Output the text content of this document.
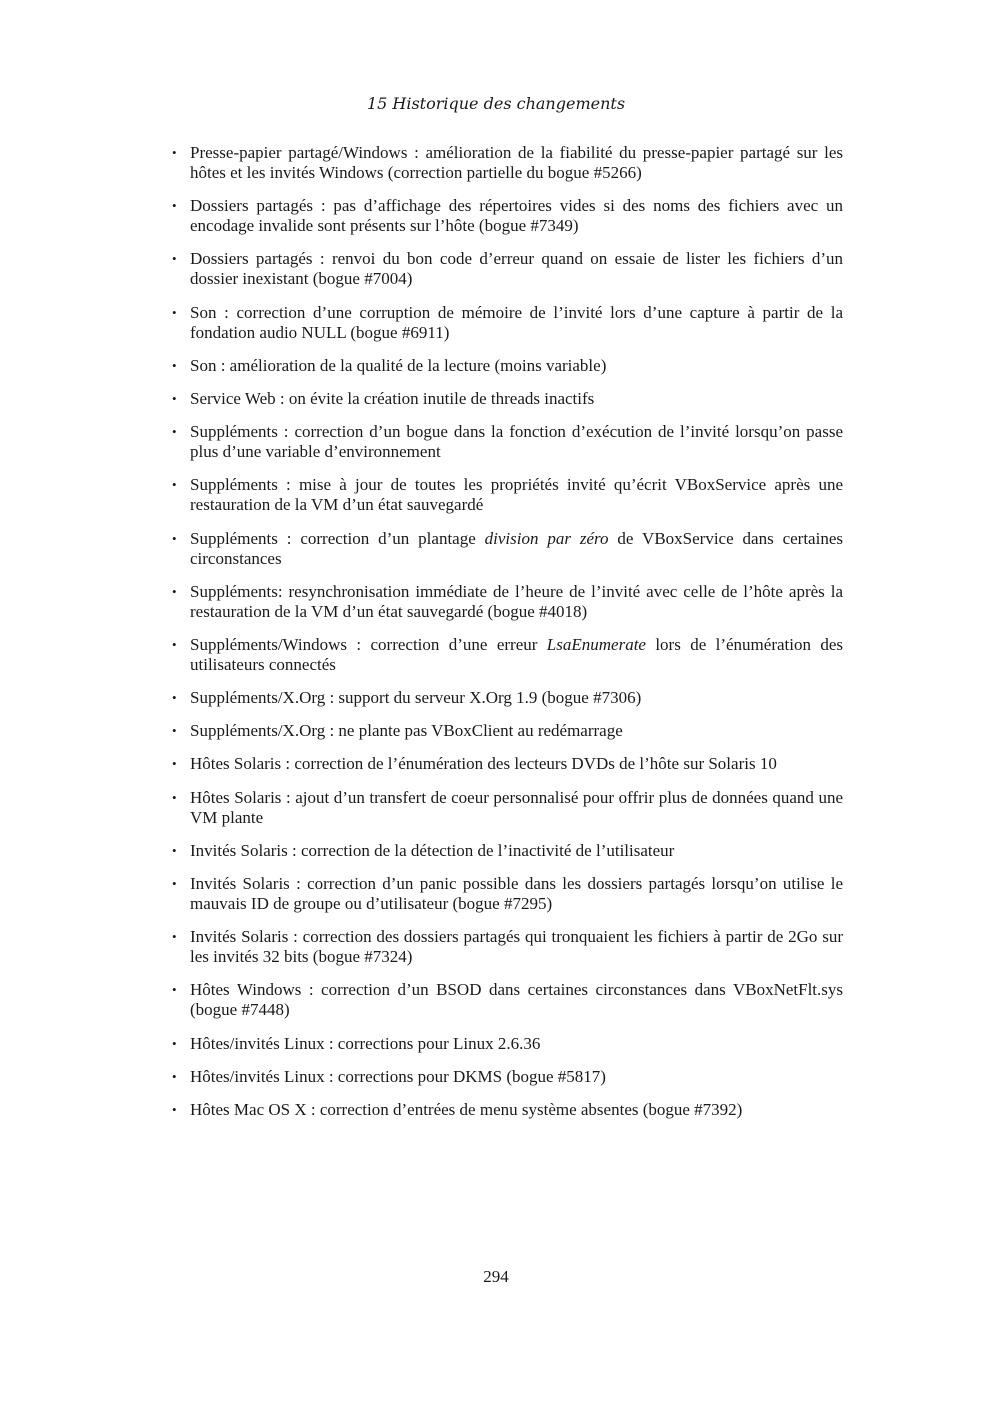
15 Historique des changements
• Presse-papier partagé/Windows : amélioration de la fiabilité du presse-papier partagé sur les hôtes et les invités Windows (correction partielle du bogue #5266)
• Dossiers partagés : pas d’affichage des répertoires vides si des noms des fichiers avec un encodage invalide sont présents sur l’hôte (bogue #7349)
• Dossiers partagés : renvoi du bon code d’erreur quand on essaie de lister les fichiers d’un dossier inexistant (bogue #7004)
• Son : correction d’une corruption de mémoire de l’invité lors d’une capture à partir de la fondation audio NULL (bogue #6911)
• Son : amélioration de la qualité de la lecture (moins variable)
• Service Web : on évite la création inutile de threads inactifs
• Suppléments : correction d’un bogue dans la fonction d’exécution de l’invité lorsqu’on passe plus d’une variable d’environnement
• Suppléments : mise à jour de toutes les propriétés invité qu’écrit VBoxService après une restauration de la VM d’un état sauvegardé
• Suppléments : correction d’un plantage division par zéro de VBoxService dans certaines circonstances
• Suppléments: resynchronisation immédiate de l’heure de l’invité avec celle de l’hôte après la restauration de la VM d’un état sauvegardé (bogue #4018)
• Suppléments/Windows : correction d’une erreur LsaEnumerate lors de l’énumération des utilisateurs connectés
• Suppléments/X.Org : support du serveur X.Org 1.9 (bogue #7306)
• Suppléments/X.Org : ne plante pas VBoxClient au redémarrage
• Hôtes Solaris : correction de l’énumération des lecteurs DVDs de l’hôte sur Solaris 10
• Hôtes Solaris : ajout d’un transfert de coeur personnalisé pour offrir plus de données quand une VM plante
• Invités Solaris : correction de la détection de l’inactivité de l’utilisateur
• Invités Solaris : correction d’un panic possible dans les dossiers partagés lorsqu’on utilise le mauvais ID de groupe ou d’utilisateur (bogue #7295)
• Invités Solaris : correction des dossiers partagés qui tronquaient les fichiers à partir de 2Go sur les invités 32 bits (bogue #7324)
• Hôtes Windows : correction d’un BSOD dans certaines circonstances dans VBoxNetFlt.sys (bogue #7448)
• Hôtes/invités Linux : corrections pour Linux 2.6.36
• Hôtes/invités Linux : corrections pour DKMS (bogue #5817)
• Hôtes Mac OS X : correction d’entrées de menu système absentes (bogue #7392)
294
